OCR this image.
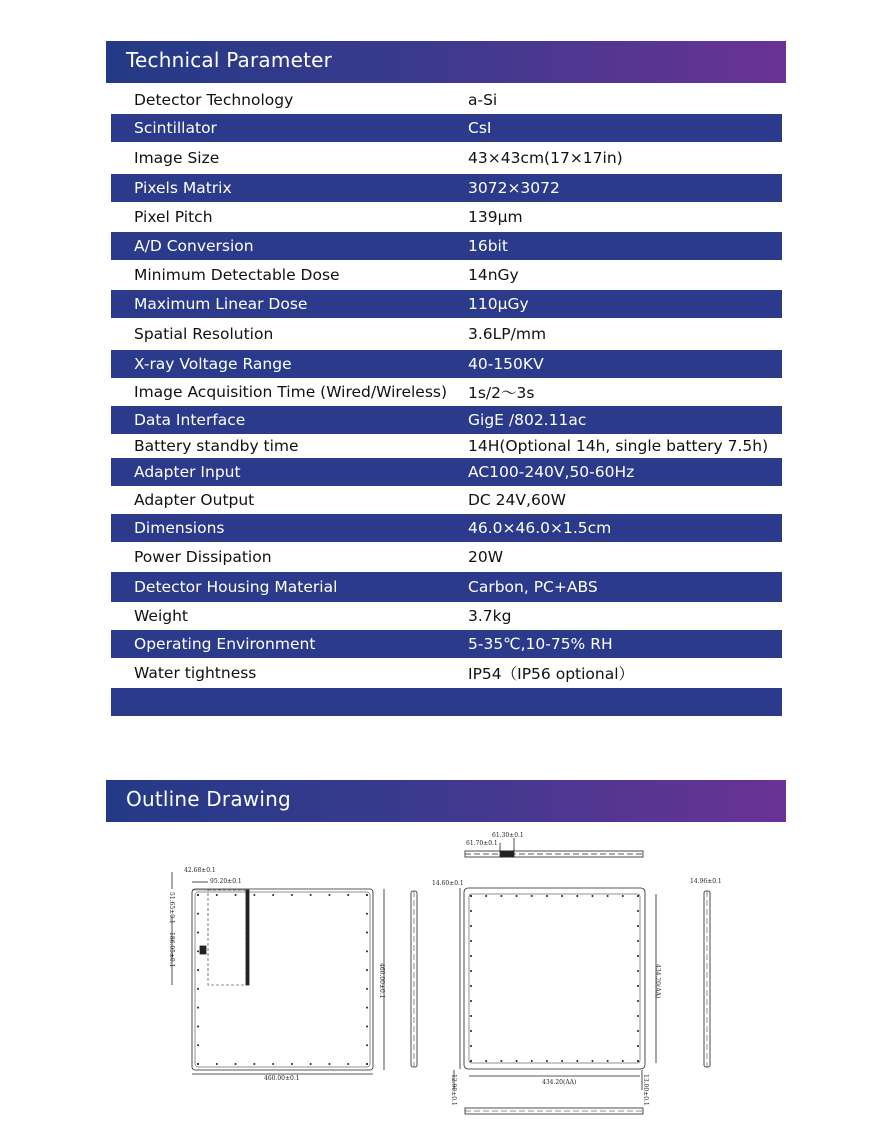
Technical Parameter
Detector Technology	a-Si
Scintillator	CsI
Image Size	43×43cm(17×17in)
Pixels Matrix	3072×3072
Pixel Pitch	139μm
A/D Conversion	16bit
Minimum Detectable Dose	14nGy
Maximum Linear Dose	110μGy
Spatial Resolution	3.6LP/mm
X-ray Voltage Range	40-150KV
Image Acquisition Time (Wired/Wireless) 1s/2～3s
Data Interface	GigE /802.11ac
Battery standby time	14H(Optional 14h, single battery 7.5h)
Adapter Input	AC100-240V,50-60Hz
Adapter Output	DC 24V,60W
Dimensions	46.0×46.0×1.5cm
Power Dissipation	20W
Detector Housing Material	Carbon, PC+ABS
Weight	3.7kg
Operating Environment	5-35℃,10-75% RH
Water tightness	IP54（IP56 optional）
Outline Drawing
61.30±0.1
61.70±0.1
51.65±0.1
42.68±0.1
95.20±0.1
186.05±0.1
460.00±0.1
460.00±0.1
14.60±0.1
434.20(AA)
434.20(AA)
12.90±0.1	13.00±0.1
14.96±0.1
